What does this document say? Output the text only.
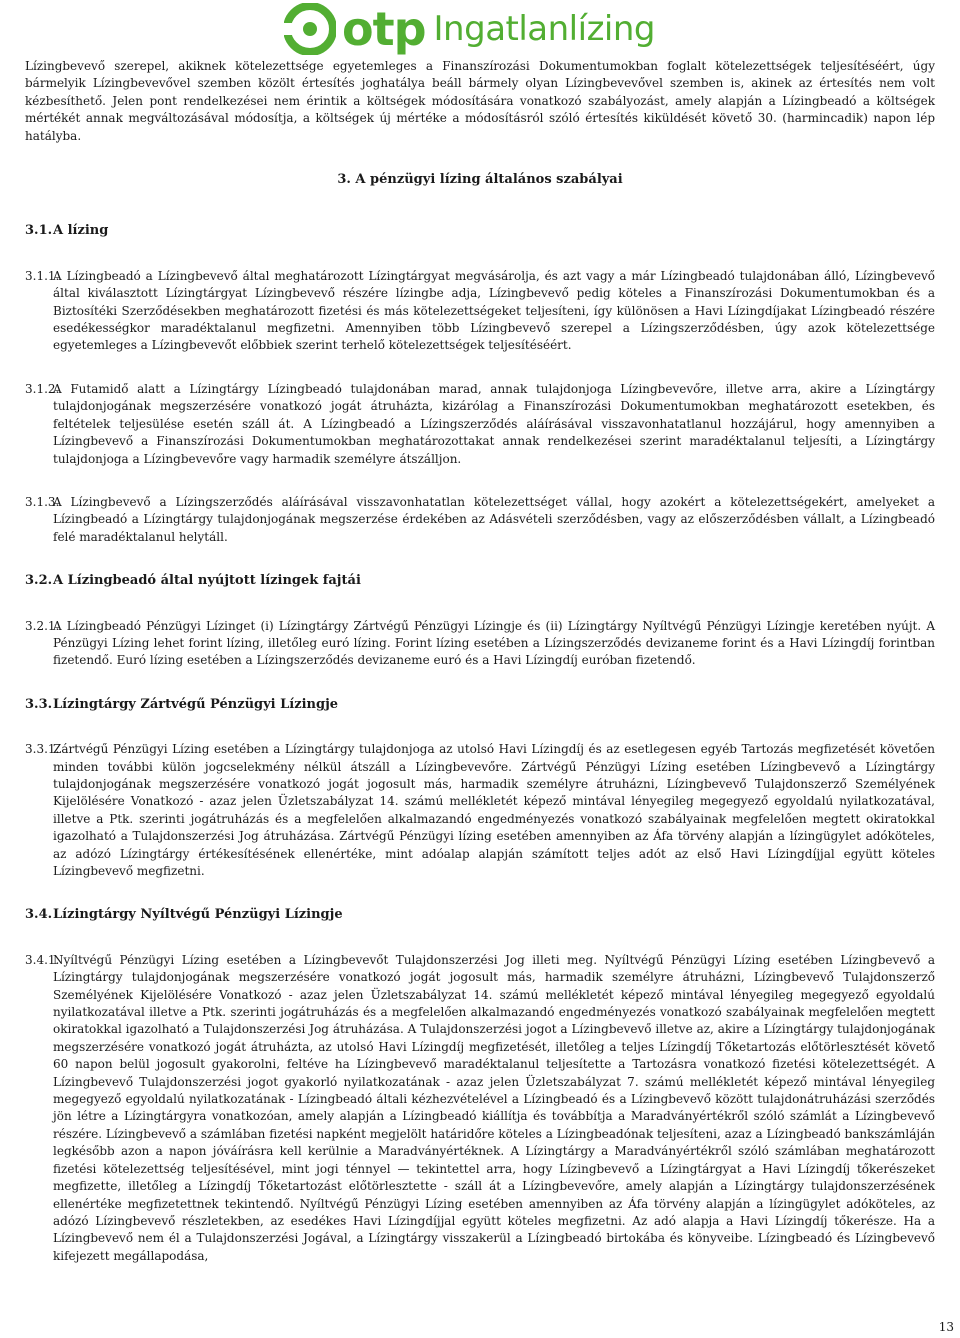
otp Ingatlanlízing

Lízingbevevő szerepel, akiknek kötelezettsége egyetemleges a Finanszírozási Dokumentumokban foglalt kötelezettségek teljesítéséért, úgy bármelyik Lízingbevevővel szemben közölt értesítés joghatálya beáll bármely olyan Lízingbevevővel szemben is, akinek az értesítés nem volt kézbesíthető. Jelen pont rendelkezései nem érintik a költségek módosítására vonatkozó szabályozást, amely alapján a Lízingbeadó a költségek mértékét annak megváltozásával módosítja, a költségek új mértéke a módosításról szóló értesítés kiküldését követő 30. (harmincadik) napon lép hatályba.

3. A pénzügyi lízing általános szabályai
3.1. A lízing
3.1.1.
A Lízingbeadó a Lízingbevevő által meghatározott Lízingtárgyat megvásárolja, és azt vagy a már Lízingbeadó tulajdonában álló, Lízingbevevő által kiválasztott Lízingtárgyat Lízingbevevő részére lízingbe adja, Lízingbevevő pedig köteles a Finanszírozási Dokumentumokban és a Biztosítéki Szerződésekben meghatározott fizetési és más kötelezettségeket teljesíteni, így különösen a Havi Lízingdíjakat Lízingbeadó részére esedékességkor maradéktalanul megfizetni. Amennyiben több Lízingbevevő szerepel a Lízingszerződésben, úgy azok kötelezettsége egyetemleges a Lízingbevevőt előbbiek szerint terhelő kötelezettségek teljesítéséért.
3.1.2.
A Futamidő alatt a Lízingtárgy Lízingbeadó tulajdonában marad, annak tulajdonjoga Lízingbevevőre, illetve arra, akire a Lízingtárgy tulajdonjogának megszerzésére vonatkozó jogát átruházta, kizárólag a Finanszírozási Dokumentumokban meghatározott esetekben, és feltételek teljesülése esetén száll át. A Lízingbeadó a Lízingszerződés aláírásával visszavonhatatlanul hozzájárul, hogy amennyiben a Lízingbevevő a Finanszírozási Dokumentumokban meghatározottakat annak rendelkezései szerint maradéktalanul teljesíti, a Lízingtárgy tulajdonjoga a Lízingbevevőre vagy harmadik személyre átszálljon.
3.1.3.
A Lízingbevevő a Lízingszerződés aláírásával visszavonhatatlan kötelezettséget vállal, hogy azokért a kötelezettségekért, amelyeket a Lízingbeadó a Lízingtárgy tulajdonjogának megszerzése érdekében az Adásvételi szerződésben, vagy az előszerződésben vállalt, a Lízingbeadó felé maradéktalanul helytáll.
3.2. A Lízingbeadó által nyújtott lízingek fajtái
3.2.1.
A Lízingbeadó Pénzügyi Lízinget (i) Lízingtárgy Zártvégű Pénzügyi Lízingje és (ii) Lízingtárgy Nyíltvégű Pénzügyi Lízingje keretében nyújt. A Pénzügyi Lízing lehet forint lízing, illetőleg euró lízing. Forint lízing esetében a Lízingszerződés devizaneme forint és a Havi Lízingdíj forintban fizetendő. Euró lízing esetében a Lízingszerződés devizaneme euró és a Havi Lízingdíj euróban fizetendő.
3.3. Lízingtárgy Zártvégű Pénzügyi Lízingje
3.3.1.
Zártvégű Pénzügyi Lízing esetében a Lízingtárgy tulajdonjoga az utolsó Havi Lízingdíj és az esetlegesen egyéb Tartozás megfizetését követően minden további külön jogcselekmény nélkül átszáll a Lízingbevevőre. Zártvégű Pénzügyi Lízing esetében Lízingbevevő a Lízingtárgy tulajdonjogának megszerzésére vonatkozó jogát jogosult más, harmadik személyre átruházni, Lízingbevevő Tulajdonszerző Személyének Kijelölésére Vonatkozó - azaz jelen Üzletszabályzat 14. számú mellékletét képező mintával lényegileg megegyező egyoldalú nyilatkozatával, illetve a Ptk. szerinti jogátruházás és a megfelelően alkalmazandó engedményezés vonatkozó szabályainak megfelelően megtett okiratokkal igazolható a Tulajdonszerzési Jog átruházása. Zártvégű Pénzügyi lízing esetében amennyiben az Áfa törvény alapján a lízingügylet adóköteles, az adózó Lízingtárgy értékesítésének ellenértéke, mint adóalap alapján számított teljes adót az első Havi Lízingdíjjal együtt köteles Lízingbevevő megfizetni.
3.4. Lízingtárgy Nyíltvégű Pénzügyi Lízingje
3.4.1.
Nyíltvégű Pénzügyi Lízing esetében a Lízingbevevőt Tulajdonszerzési Jog illeti meg. Nyíltvégű Pénzügyi Lízing esetében Lízingbevevő a Lízingtárgy tulajdonjogának megszerzésére vonatkozó jogát jogosult más, harmadik személyre átruházni, Lízingbevevő Tulajdonszerző Személyének Kijelölésére Vonatkozó - azaz jelen Üzletszabályzat 14. számú mellékletét képező mintával lényegileg megegyező egyoldalú nyilatkozatával illetve a Ptk. szerinti jogátruházás és a megfelelően alkalmazandó engedményezés vonatkozó szabályainak megfelelően megtett okiratokkal igazolható a Tulajdonszerzési Jog átruházása. A Tulajdonszerzési jogot a Lízingbevevő illetve az, akire a Lízingtárgy tulajdonjogának megszerzésére vonatkozó jogát átruházta, az utolsó Havi Lízingdíj megfizetését, illetőleg a teljes Lízingdíj Tőketartozás előtörlesztését követő 60 napon belül jogosult gyakorolni, feltéve ha Lízingbevevő maradéktalanul teljesítette a Tartozásra vonatkozó fizetési kötelezettségét. A Lízingbevevő Tulajdonszerzési jogot gyakorló nyilatkozatának - azaz jelen Üzletszabályzat 7. számú mellékletét képező mintával lényegileg megegyező egyoldalú nyilatkozatának - Lízingbeadó általi kézhezvételével a Lízingbeadó és a Lízingbevevő között tulajdonátruházási szerződés jön létre a Lízingtárgyra vonatkozóan, amely alapján a Lízingbeadó kiállítja és továbbítja a Maradványértékről szóló számlát a Lízingbevevő részére. Lízingbevevő a számlában fizetési napként megjelölt határidőre köteles a Lízingbeadónak teljesíteni, azaz a Lízingbeadó bankszámláján legkésőbb azon a napon jóváírásra kell kerülnie a Maradványértéknek. A Lízingtárgy a Maradványértékről szóló számlában meghatározott fizetési kötelezettség teljesítésével, mint jogi ténnyel — tekintettel arra, hogy Lízingbevevő a Lízingtárgyat a Havi Lízingdíj tőkerészeket megfizette, illetőleg a Lízingdíj Tőketartozást előtörlesztette - száll át a Lízingbevevőre, amely alapján a Lízingtárgy tulajdonszerzésének ellenértéke megfizetettnek tekintendő. Nyíltvégű Pénzügyi Lízing esetében amennyiben az Áfa törvény alapján a lízingügylet adóköteles, az adózó Lízingbevevő részletekben, az esedékes Havi Lízingdíjjal együtt köteles megfizetni. Az adó alapja a Havi Lízingdíj tőkerésze. Ha a Lízingbevevő nem él a Tulajdonszerzési Jogával, a Lízingtárgy visszakerül a Lízingbeadó birtokába és könyveibe. Lízingbeadó és Lízingbevevő kifejezett megállapodása,
13
